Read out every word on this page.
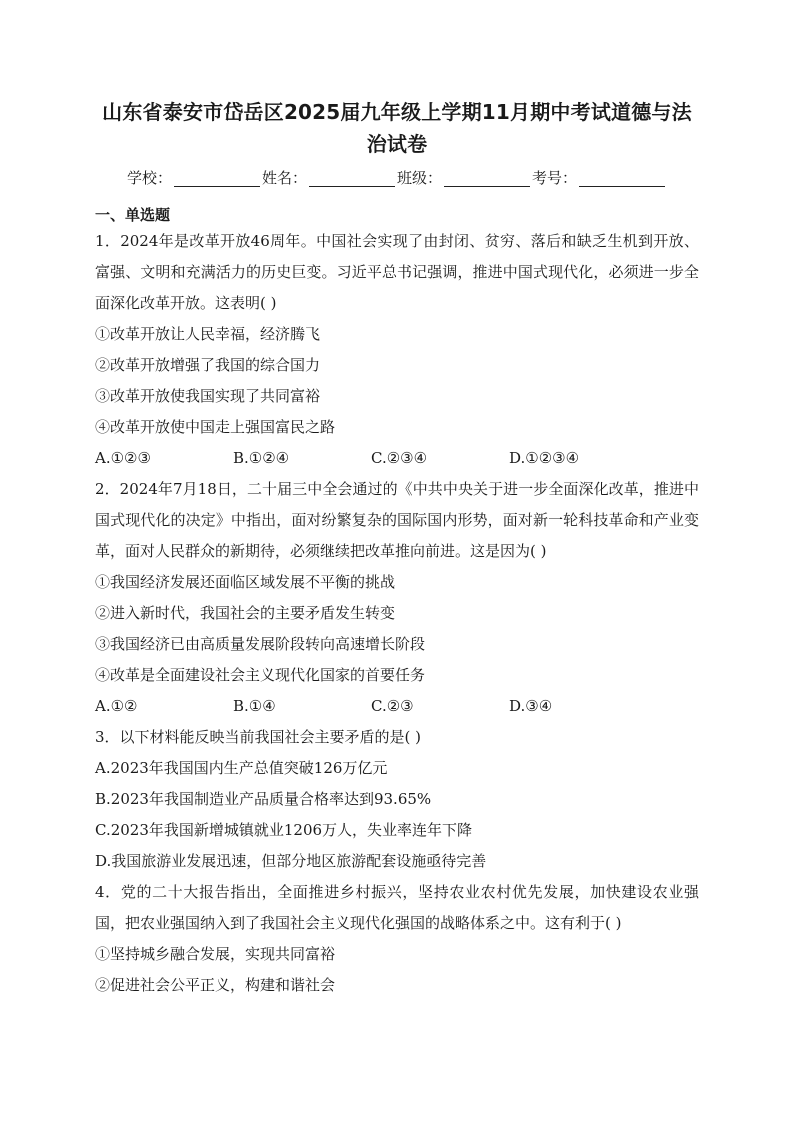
山东省泰安市岱岳区2025届九年级上学期11月期中考试道德与法治试卷
学校：	姓名：	班级：	考号：
一、单选题

1．2024年是改革开放46周年。中国社会实现了由封闭、贫穷、落后和缺乏生机到开放、富强、文明和充满活力的历史巨变。习近平总书记强调，推进中国式现代化，必须进一步全面深化改革开放。这表明( )

①改革开放让人民幸福，经济腾飞

②改革开放增强了我国的综合国力

③改革开放使我国实现了共同富裕

④改革开放使中国走上强国富民之路

A.①②③	B.①②④	C.②③④	D.①②③④

2．2024年7月18日，二十届三中全会通过的《中共中央关于进一步全面深化改革，推进中国式现代化的决定》中指出，面对纷繁复杂的国际国内形势，面对新一轮科技革命和产业变革，面对人民群众的新期待，必须继续把改革推向前进。这是因为( )

①我国经济发展还面临区域发展不平衡的挑战

②进入新时代，我国社会的主要矛盾发生转变

③我国经济已由高质量发展阶段转向高速增长阶段

④改革是全面建设社会主义现代化国家的首要任务

A.①②	B.①④	C.②③	D.③④

3．以下材料能反映当前我国社会主要矛盾的是( )

A.2023年我国国内生产总值突破126万亿元

B.2023年我国制造业产品质量合格率达到93.65%

C.2023年我国新增城镇就业1206万人，失业率连年下降

D.我国旅游业发展迅速，但部分地区旅游配套设施亟待完善

4．党的二十大报告指出，全面推进乡村振兴，坚持农业农村优先发展，加快建设农业强国，把农业强国纳入到了我国社会主义现代化强国的战略体系之中。这有利于( )

①坚持城乡融合发展，实现共同富裕

②促进社会公平正义，构建和谐社会
